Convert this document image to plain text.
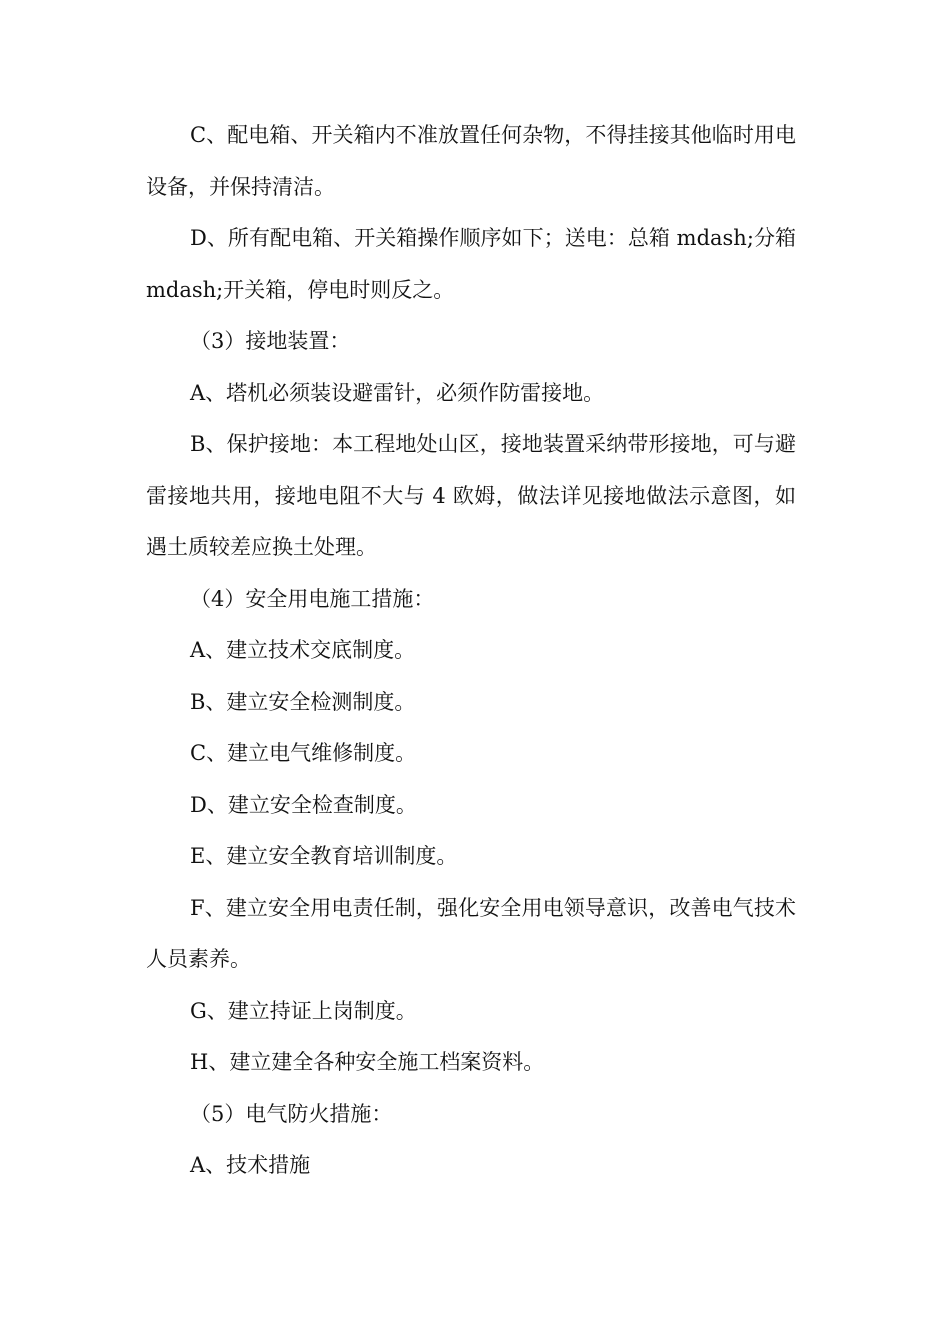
C、配电箱、开关箱内不准放置任何杂物，不得挂接其他临时用电设备，并保持清洁。

D、所有配电箱、开关箱操作顺序如下；送电：总箱 mdash;分箱 mdash;开关箱，停电时则反之。

（3）接地装置：

A、塔机必须装设避雷针，必须作防雷接地。

B、保护接地：本工程地处山区，接地装置采纳带形接地，可与避雷接地共用，接地电阻不大与 4 欧姆，做法详见接地做法示意图，如遇土质较差应换土处理。

（4）安全用电施工措施：

A、建立技术交底制度。

B、建立安全检测制度。

C、建立电气维修制度。

D、建立安全检查制度。

E、建立安全教育培训制度。

F、建立安全用电责任制，强化安全用电领导意识，改善电气技术人员素养。

G、建立持证上岗制度。

H、建立建全各种安全施工档案资料。

（5）电气防火措施：

A、技术措施
